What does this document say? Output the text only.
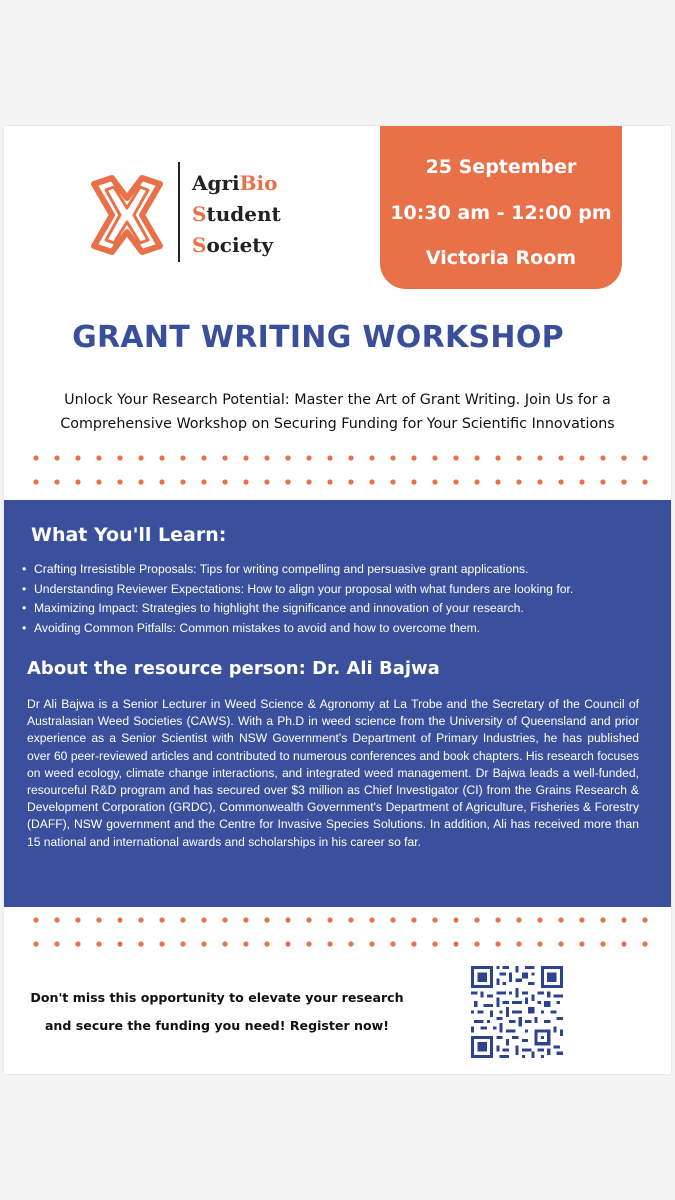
AgriBio
Student
Society
25 September
10:30 am - 12:00 pm
Victoria Room
GRANT WRITING WORKSHOP
Unlock Your Research Potential: Master the Art of Grant Writing. Join Us for a
Comprehensive Workshop on Securing Funding for Your Scientific Innovations
What You'll Learn:
• Crafting Irresistible Proposals: Tips for writing compelling and persuasive grant applications.
• Understanding Reviewer Expectations: How to align your proposal with what funders are looking for.
• Maximizing Impact: Strategies to highlight the significance and innovation of your research.
• Avoiding Common Pitfalls: Common mistakes to avoid and how to overcome them.
About the resource person: Dr. Ali Bajwa

Dr Ali Bajwa is a Senior Lecturer in Weed Science & Agronomy at La Trobe and the Secretary of the Council of Australasian Weed Societies (CAWS). With a Ph.D in weed science from the University of Queensland and prior experience as a Senior Scientist with NSW Government's Department of Primary Industries, he has published over 60 peer-reviewed articles and contributed to numerous conferences and book chapters. His research focuses on weed ecology, climate change interactions, and integrated weed management. Dr Bajwa leads a well-funded, resourceful R&D program and has secured over $3 million as Chief Investigator (CI) from the Grains Research & Development Corporation (GRDC), Commonwealth Government's Department of Agriculture, Fisheries & Forestry (DAFF), NSW government and the Centre for Invasive Species Solutions. In addition, Ali has received more than 15 national and international awards and scholarships in his career so far.

Don't miss this opportunity to elevate your research
and secure the funding you need! Register now!
